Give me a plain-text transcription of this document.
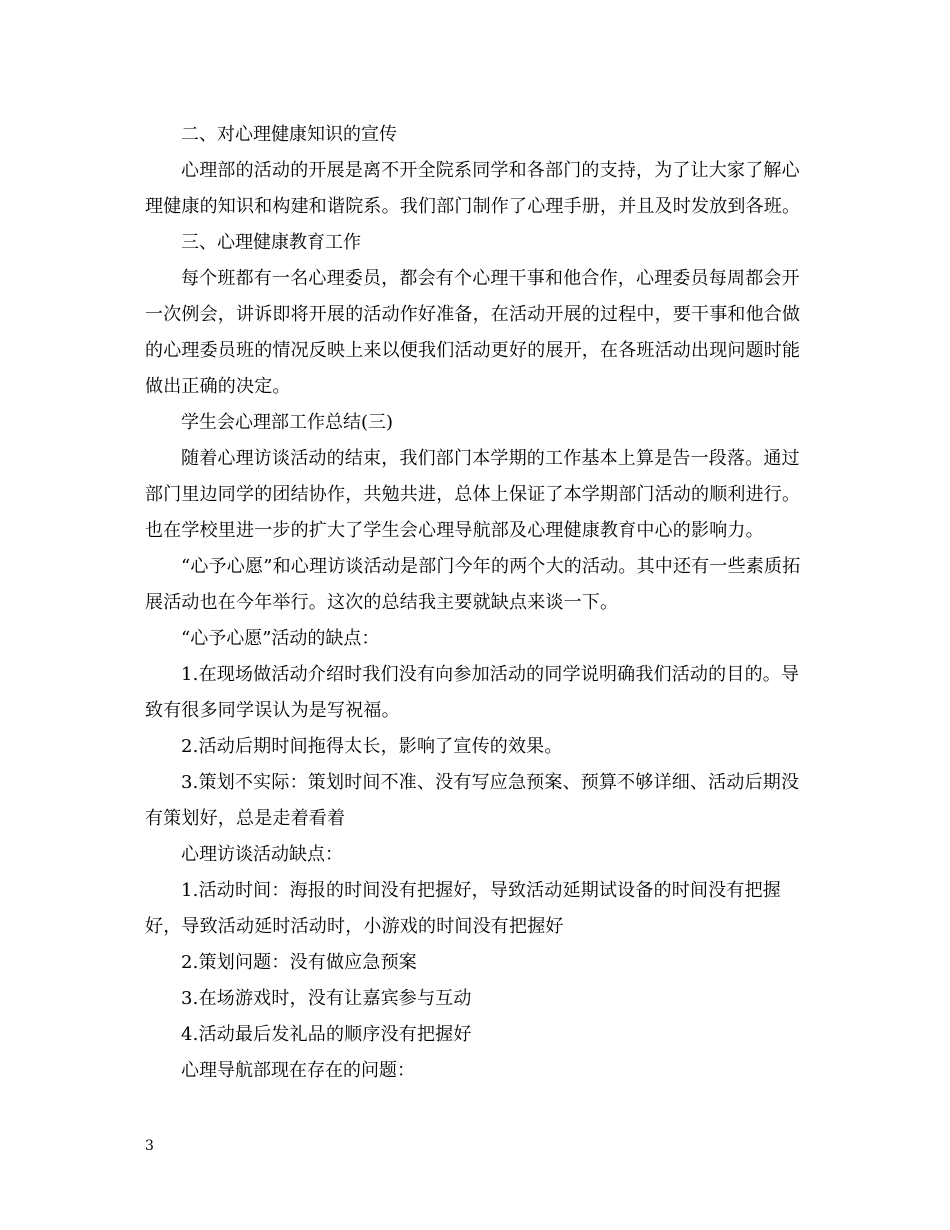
二、对心理健康知识的宣传

心理部的活动的开展是离不开全院系同学和各部门的支持，为了让大家了解心理健康的知识和构建和谐院系。我们部门制作了心理手册，并且及时发放到各班。

三、心理健康教育工作

每个班都有一名心理委员，都会有个心理干事和他合作，心理委员每周都会开一次例会，讲诉即将开展的活动作好准备，在活动开展的过程中，要干事和他合做的心理委员班的情况反映上来以便我们活动更好的展开，在各班活动出现问题时能做出正确的决定。

学生会心理部工作总结(三)

随着心理访谈活动的结束，我们部门本学期的工作基本上算是告一段落。通过部门里边同学的团结协作，共勉共进，总体上保证了本学期部门活动的顺利进行。也在学校里进一步的扩大了学生会心理导航部及心理健康教育中心的影响力。

“心予心愿”和心理访谈活动是部门今年的两个大的活动。其中还有一些素质拓展活动也在今年举行。这次的总结我主要就缺点来谈一下。

“心予心愿”活动的缺点：

1.在现场做活动介绍时我们没有向参加活动的同学说明确我们活动的目的。导致有很多同学误认为是写祝福。

2.活动后期时间拖得太长，影响了宣传的效果。

3.策划不实际：策划时间不准、没有写应急预案、预算不够详细、活动后期没有策划好，总是走着看着

心理访谈活动缺点：

1.活动时间：海报的时间没有把握好，导致活动延期试设备的时间没有把握好，导致活动延时活动时，小游戏的时间没有把握好

2.策划问题：没有做应急预案

3.在场游戏时，没有让嘉宾参与互动

4.活动最后发礼品的顺序没有把握好

心理导航部现在存在的问题：

3
